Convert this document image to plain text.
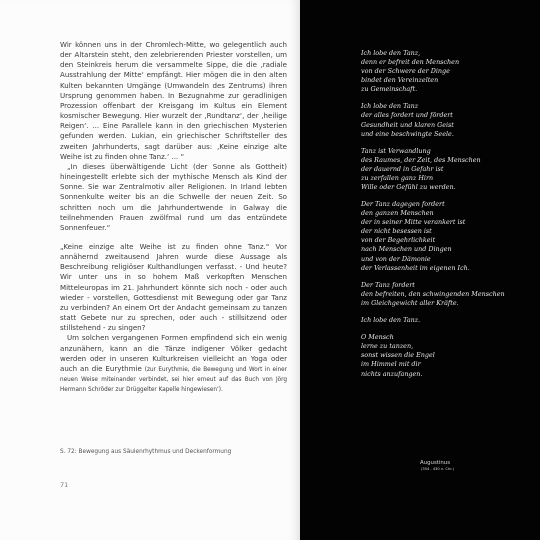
Wir können uns in der Chromlech-Mitte, wo gelegentlich auch der Altarstein steht, den zelebrierenden Priester vorstellen, um den Steinkreis herum die versammelte Sippe, die die ‚radiale Ausstrahlung der Mitte‘ empfängt. Hier mögen die in den alten Kulten bekannten Umgänge (Umwandeln des Zentrums) ihren Ursprung genommen haben. In Bezugnahme zur geradlinigen Prozession offenbart der Kreisgang im Kultus ein Element kosmischer Bewegung. Hier wurzelt der ‚Rundtanz‘, der ‚heilige Reigen‘. ... Eine Parallele kann in den griechischen Mysterien gefunden werden. Lukian, ein griechischer Schriftsteller des zweiten Jahrhunderts, sagt darüber aus: ‚Keine einzige alte Weihe ist zu finden ohne Tanz.‘ ... “

„In dieses überwältigende Licht (der Sonne als Gottheit) hineingestellt erlebte sich der mythische Mensch als Kind der Sonne. Sie war Zentralmotiv aller Religionen. In Irland lebten Sonnenkulte weiter bis an die Schwelle der neuen Zeit. So schritten noch um die Jahrhundertwende in Galway die teilnehmenden Frauen zwölfmal rund um das entzündete Sonnenfeuer.“

„Keine einzige alte Weihe ist zu finden ohne Tanz.“ Vor annähernd zweitausend Jahren wurde diese Aussage als Beschreibung religiöser Kulthandlungen verfasst. - Und heute? Wir unter uns in so hohem Maß verkopften Menschen Mitteleuropas im 21. Jahrhundert könnte sich noch - oder auch wieder - vorstellen, Gottesdienst mit Bewegung oder gar Tanz zu verbinden? An einem Ort der Andacht gemeinsam zu tanzen statt Gebete nur zu sprechen, oder auch - stillsitzend oder stillstehend - zu singen?

Um solchen vergangenen Formen empfindend sich ein wenig anzunähern, kann an die Tänze indigener Völker gedacht werden oder in unseren Kulturkreisen vielleicht an Yoga oder auch an die Eurythmie (zur Eurythmie, die Bewegung und Wort in einer neuen Weise miteinander verbindet, sei hier erneut auf das Buch von Jörg Hermann Schröder zur Drüggelter Kapelle hingewiesen‘).

S. 72: Bewegung aus Säulenrhythmus und Deckenformung
71
Ich lobe den Tanz,
denn er befreit den Menschen
von der Schwere der Dinge
bindet den Vereinzelten
zu Gemeinschaft.
Ich lobe den Tanz
der alles fordert und fördert
Gesundheit und klaren Geist
und eine beschwingte Seele.
Tanz ist Verwandlung
des Raumes, der Zeit, des Menschen
der dauernd in Gefahr ist
zu zerfallen ganz Hirn
Wille oder Gefühl zu werden.
Der Tanz dagegen fordert
den ganzen Menschen
der in seiner Mitte verankert ist
der nicht besessen ist
von der Begehrlichkeit
nach Menschen und Dingen
und von der Dämonie
der Verlassenheit im eigenen Ich.
Der Tanz fordert
den befreiten, den schwingenden Menschen
im Gleichgewicht aller Kräfte.
Ich lobe den Tanz.
O Mensch
lerne zu tanzen,
sonst wissen die Engel
im Himmel mit dir
nichts anzufangen.
Augustinus
(354 - 430 n. Chr.)
